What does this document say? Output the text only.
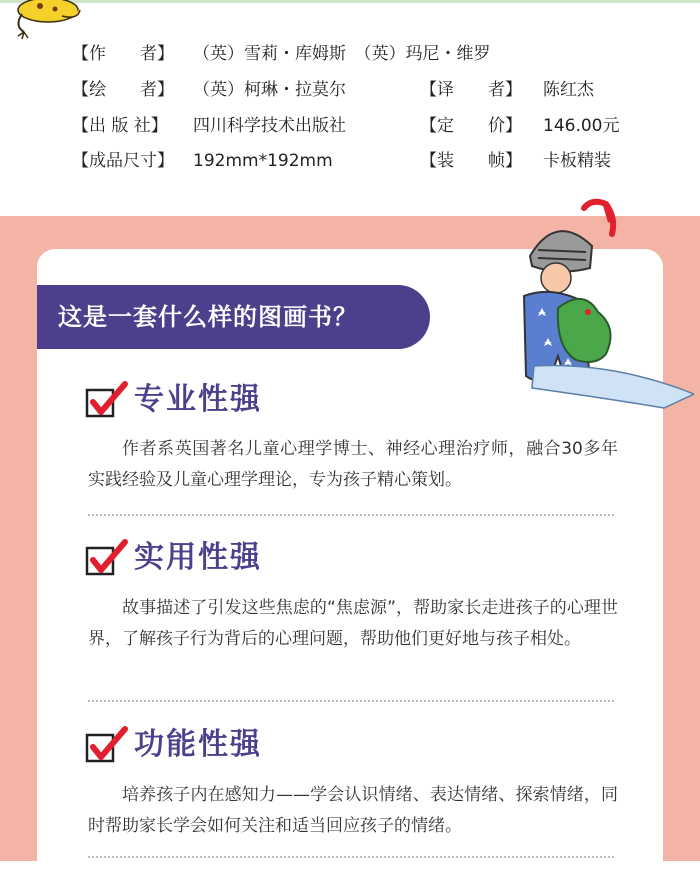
【作　　者】 （英）雪莉・库姆斯　（英）玛尼・维罗
【绘　　者】 （英）柯琳・拉莫尔	【译　　者】 陈红杰
【出 版 社】 四川科学技术出版社	【定　　价】 146.00元
【成品尺寸】 192mm*192mm	【装　　帧】 卡板精装
这是一套什么样的图画书？
专业性强
作者系英国著名儿童心理学博士、神经心理治疗师，融合30多年实践经验及儿童心理学理论，专为孩子精心策划。
实用性强
故事描述了引发这些焦虑的“焦虑源”，帮助家长走进孩子的心理世界，了解孩子行为背后的心理问题，帮助他们更好地与孩子相处。
功能性强
培养孩子内在感知力——学会认识情绪、表达情绪、探索情绪，同时帮助家长学会如何关注和适当回应孩子的情绪。
